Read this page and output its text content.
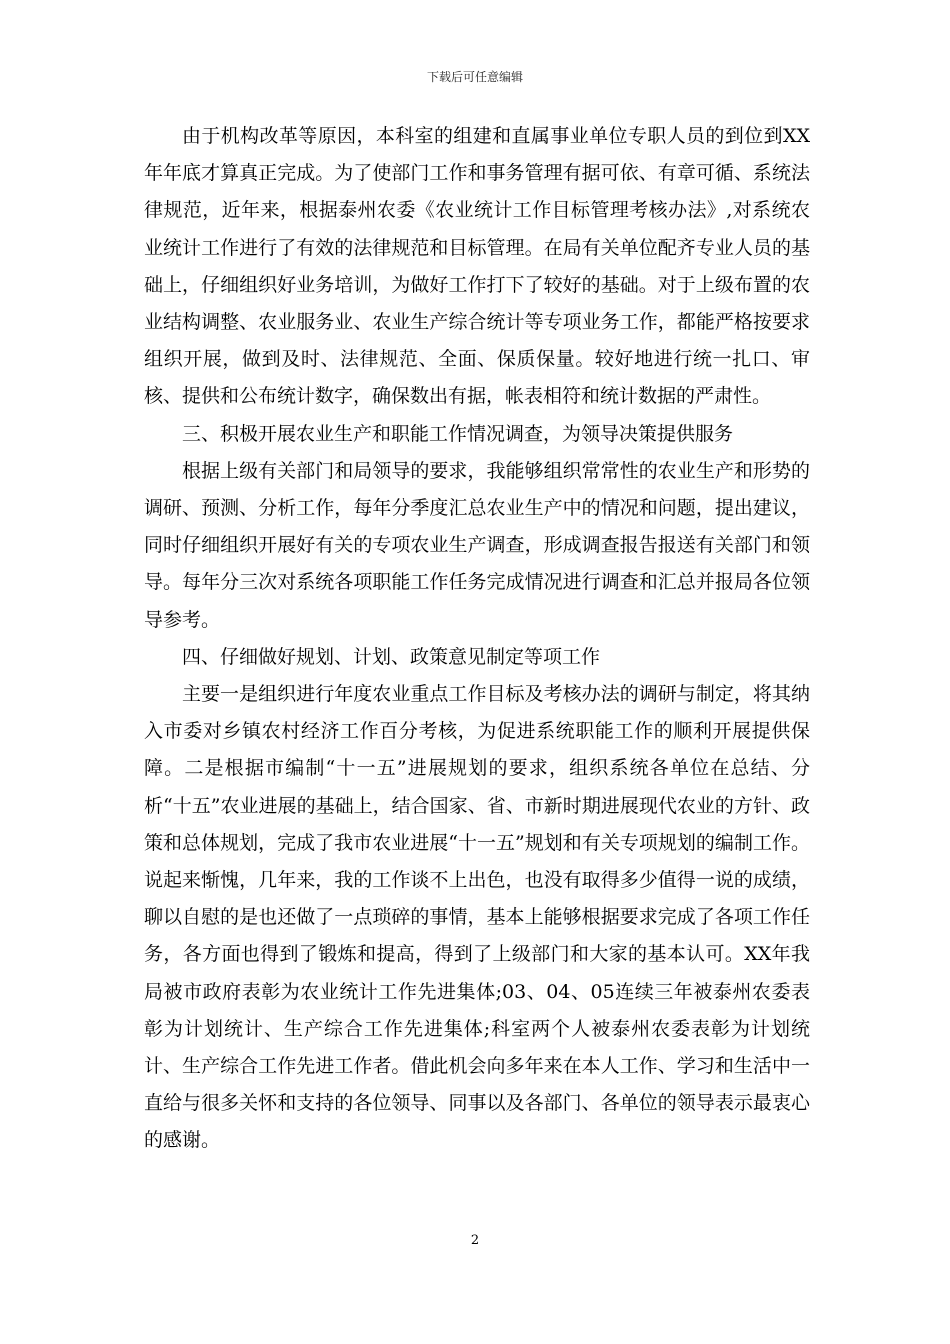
下载后可任意编辑

由于机构改革等原因，本科室的组建和直属事业单位专职人员的到位到XX年年底才算真正完成。为了使部门工作和事务管理有据可依、有章可循、系统法律规范，近年来，根据泰州农委《农业统计工作目标管理考核办法》,对系统农业统计工作进行了有效的法律规范和目标管理。在局有关单位配齐专业人员的基础上，仔细组织好业务培训，为做好工作打下了较好的基础。对于上级布置的农业结构调整、农业服务业、农业生产综合统计等专项业务工作，都能严格按要求组织开展，做到及时、法律规范、全面、保质保量。较好地进行统一扎口、审核、提供和公布统计数字，确保数出有据，帐表相符和统计数据的严肃性。

三、积极开展农业生产和职能工作情况调查，为领导决策提供服务

根据上级有关部门和局领导的要求，我能够组织常常性的农业生产和形势的调研、预测、分析工作，每年分季度汇总农业生产中的情况和问题，提出建议，同时仔细组织开展好有关的专项农业生产调查，形成调查报告报送有关部门和领导。每年分三次对系统各项职能工作任务完成情况进行调查和汇总并报局各位领导参考。

四、仔细做好规划、计划、政策意见制定等项工作

主要一是组织进行年度农业重点工作目标及考核办法的调研与制定，将其纳入市委对乡镇农村经济工作百分考核，为促进系统职能工作的顺利开展提供保障。二是根据市编制“十一五”进展规划的要求，组织系统各单位在总结、分析“十五”农业进展的基础上，结合国家、省、市新时期进展现代农业的方针、政策和总体规划，完成了我市农业进展“十一五”规划和有关专项规划的编制工作。说起来惭愧，几年来，我的工作谈不上出色，也没有取得多少值得一说的成绩，聊以自慰的是也还做了一点琐碎的事情，基本上能够根据要求完成了各项工作任务，各方面也得到了锻炼和提高，得到了上级部门和大家的基本认可。XX年我局被市政府表彰为农业统计工作先进集体;03、04、05连续三年被泰州农委表彰为计划统计、生产综合工作先进集体;科室两个人被泰州农委表彰为计划统计、生产综合工作先进工作者。借此机会向多年来在本人工作、学习和生活中一直给与很多关怀和支持的各位领导、同事以及各部门、各单位的领导表示最衷心的感谢。

2
